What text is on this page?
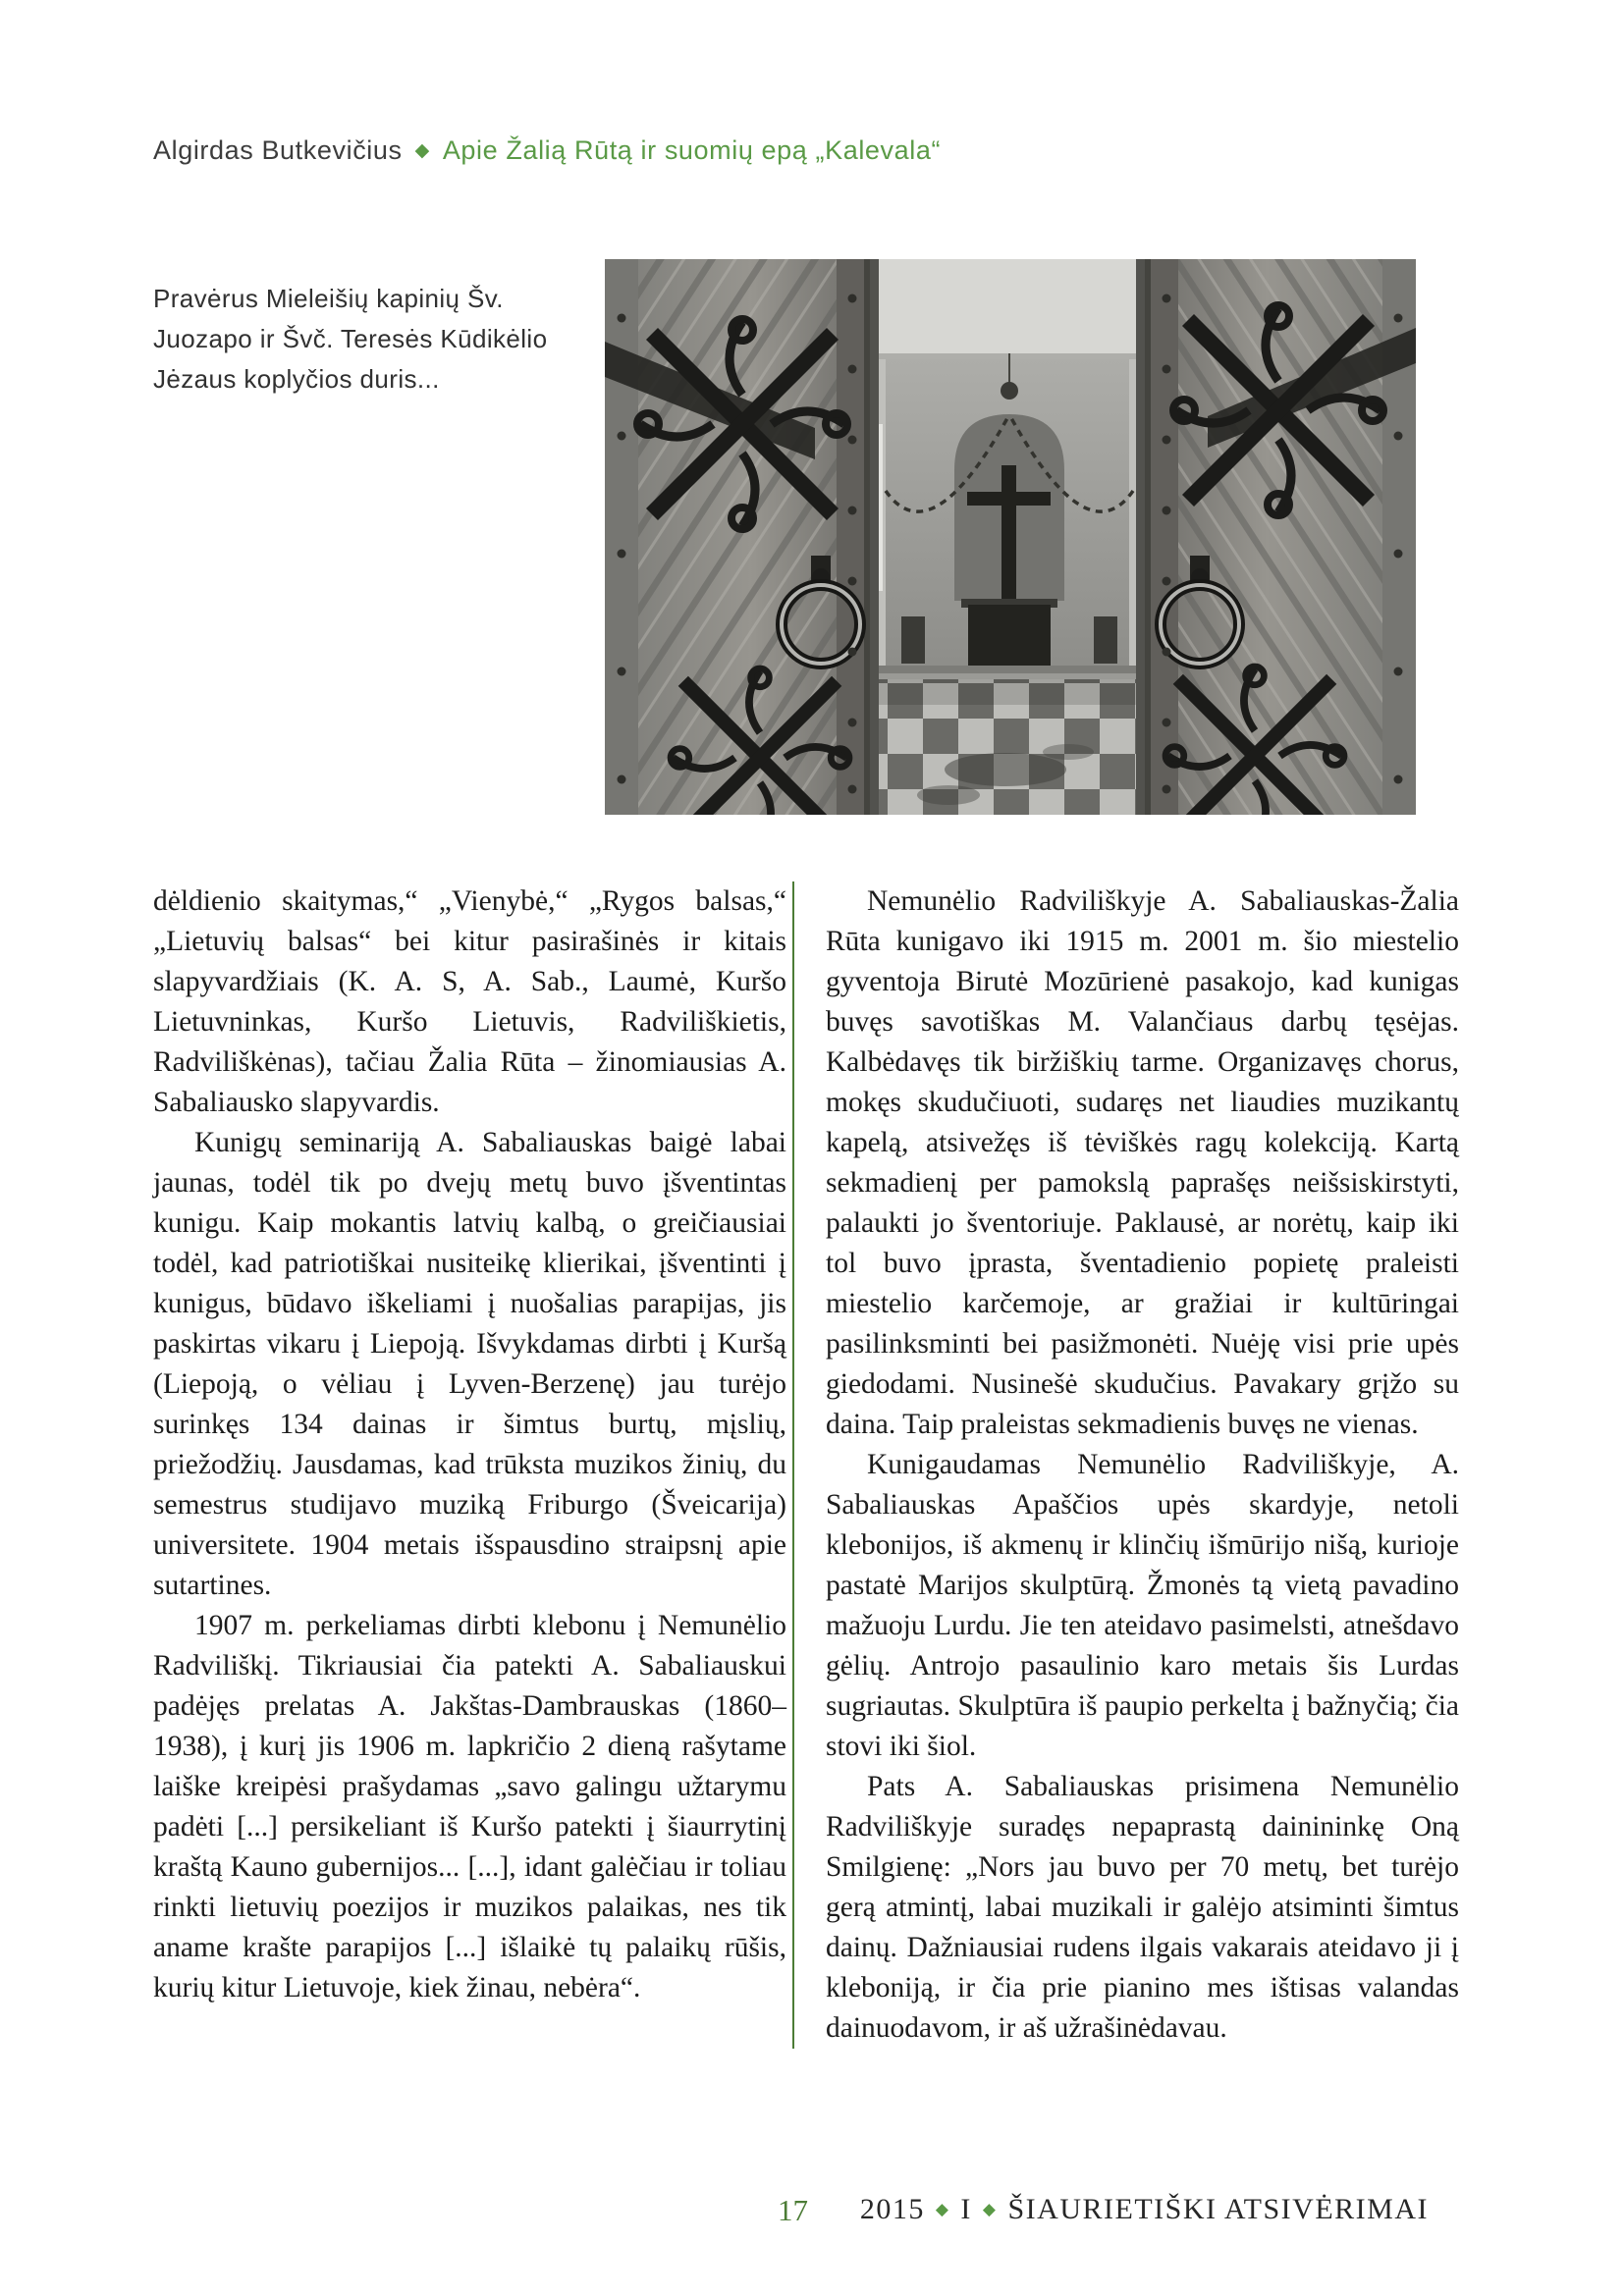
Algirdas Butkevičius ◆ Apie Žalią Rūtą ir suomių epą „Kalevala“
Pravėrus Mieleišių kapinių Šv.
Juozapo ir Švč. Teresės Kūdikėlio
Jėzaus koplyčios duris...

dėldienio skaitymas,“ „Vienybė,“ „Rygos balsas,“ „Lietuvių balsas“ bei kitur pasirašinės ir kitais slapyvardžiais (K. A. S, A. Sab., Laumė, Kuršo Lietuvninkas, Kuršo Lietuvis, Radviliškietis, Radviliškėnas), tačiau Žalia Rūta – žinomiausias A. Sabaliausko slapyvardis.

Kunigų seminariją A. Sabaliauskas baigė labai jaunas, todėl tik po dvejų metų buvo įšventintas kunigu. Kaip mokantis latvių kalbą, o greičiausiai todėl, kad patriotiškai nusiteikę klierikai, įšventinti į kunigus, būdavo iškeliami į nuošalias parapijas, jis paskirtas vikaru į Liepoją. Išvykdamas dirbti į Kuršą (Liepoją, o vėliau į Lyven-Berzenę) jau turėjo surinkęs 134 dainas ir šimtus burtų, mįslių, priežodžių. Jausdamas, kad trūksta muzikos žinių, du semestrus studijavo muziką Friburgo (Šveicarija) universitete. 1904 metais išspausdino straipsnį apie sutartines.

1907 m. perkeliamas dirbti klebonu į Nemunėlio Radviliškį. Tikriausiai čia patekti A. Sabaliauskui padėjęs prelatas A. Jakštas-Dambrauskas (1860–1938), į kurį jis 1906 m. lapkričio 2 dieną rašytame laiške kreipėsi prašydamas „savo galingu užtarymu padėti [...] persikeliant iš Kuršo patekti į šiaurrytinį kraštą Kauno gubernijos... [...], idant galėčiau ir toliau rinkti lietuvių poezijos ir muzikos palaikas, nes tik aname krašte parapijos [...] išlaikė tų palaikų rūšis, kurių kitur Lietuvoje, kiek žinau, nebėra“.

Nemunėlio Radviliškyje A. Sabaliauskas-Žalia Rūta kunigavo iki 1915 m. 2001 m. šio miestelio gyventoja Birutė Mozūrienė pasakojo, kad kunigas buvęs savotiškas M. Valančiaus darbų tęsėjas. Kalbėdavęs tik biržiškių tarme. Organizavęs chorus, mokęs skudučiuoti, sudaręs net liaudies muzikantų kapelą, atsivežęs iš tėviškės ragų kolekciją. Kartą sekmadienį per pamokslą paprašęs neišsiskirstyti, palaukti jo šventoriuje. Paklausė, ar norėtų, kaip iki tol buvo įprasta, šventadienio popietę praleisti miestelio karčemoje, ar gražiai ir kultūringai pasilinksminti bei pasižmonėti. Nuėję visi prie upės giedodami. Nusinešė skudučius. Pavakary grįžo su daina. Taip praleistas sekmadienis buvęs ne vienas.

Kunigaudamas Nemunėlio Radviliškyje, A. Sabaliauskas Apaščios upės skardyje, netoli klebonijos, iš akmenų ir klinčių išmūrijo nišą, kurioje pastatė Marijos skulptūrą. Žmonės tą vietą pavadino mažuoju Lurdu. Jie ten ateidavo pasimelsti, atnešdavo gėlių. Antrojo pasaulinio karo metais šis Lurdas sugriautas. Skulptūra iš paupio perkelta į bažnyčią; čia stovi iki šiol.

Pats A. Sabaliauskas prisimena Nemunėlio Radviliškyje suradęs nepaprastą dainininkę Oną Smilgienę: „Nors jau buvo per 70 metų, bet turėjo gerą atmintį, labai muzikali ir galėjo atsiminti šimtus dainų. Dažniausiai rudens ilgais vakarais ateidavo ji į kleboniją, ir čia prie pianino mes ištisas valandas dainuodavom, ir aš užrašinėdavau.

17 2015 ◆ I ◆ ŠIAURIETIŠKI ATSIVĖRIMAI
